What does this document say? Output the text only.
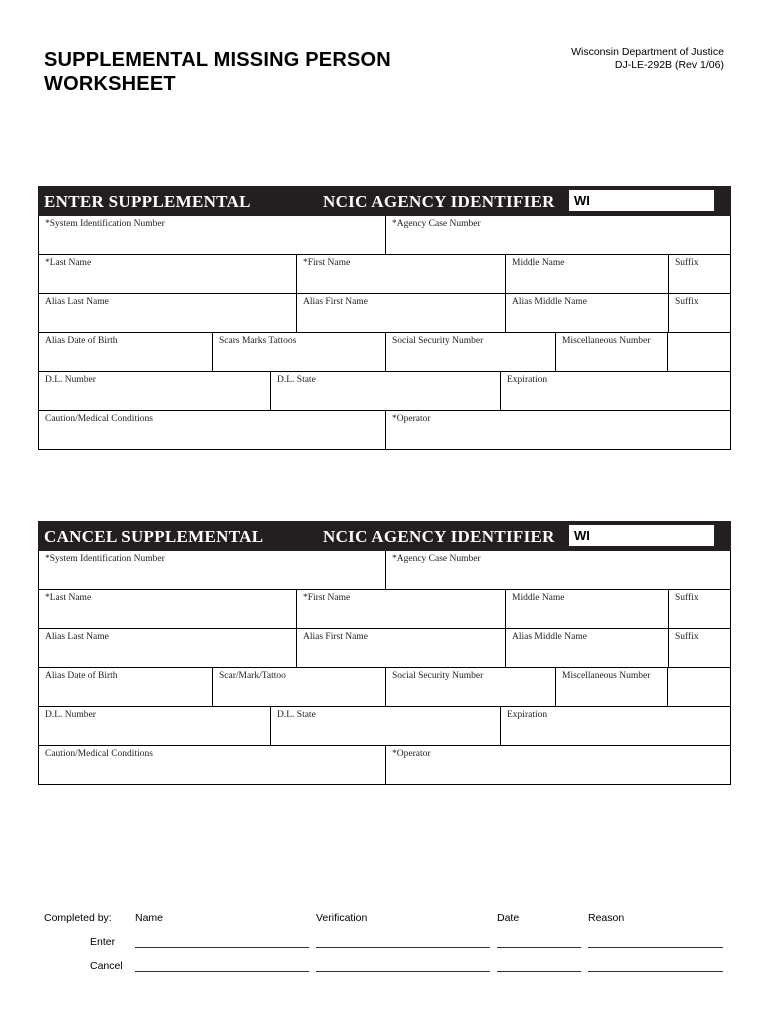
SUPPLEMENTAL MISSING PERSON
WORKSHEET
Wisconsin Department of Justice
DJ-LE-292B (Rev 1/06)
ENTER SUPPLEMENTAL	NCIC AGENCY IDENTIFIER	WI
*System Identification Number	*Agency Case Number
*Last Name	*First Name	Middle Name	Suffix
Alias Last Name	Alias First Name	Alias Middle Name	Suffix
Alias Date of Birth	Scars Marks Tattoos	Social Security Number	Miscellaneous Number
D.L. Number	D.L. State	Expiration
Caution/Medical Conditions	*Operator
CANCEL SUPPLEMENTAL	NCIC AGENCY IDENTIFIER	WI
*System Identification Number	*Agency Case Number
*Last Name	*First Name	Middle Name	Suffix
Alias Last Name	Alias First Name	Alias Middle Name	Suffix
Alias Date of Birth	Scar/Mark/Tattoo	Social Security Number	Miscellaneous Number
D.L. Number	D.L. State	Expiration
Caution/Medical Conditions	*Operator
Completed by: Name	Verification	Date	Reason
Enter
Cancel
